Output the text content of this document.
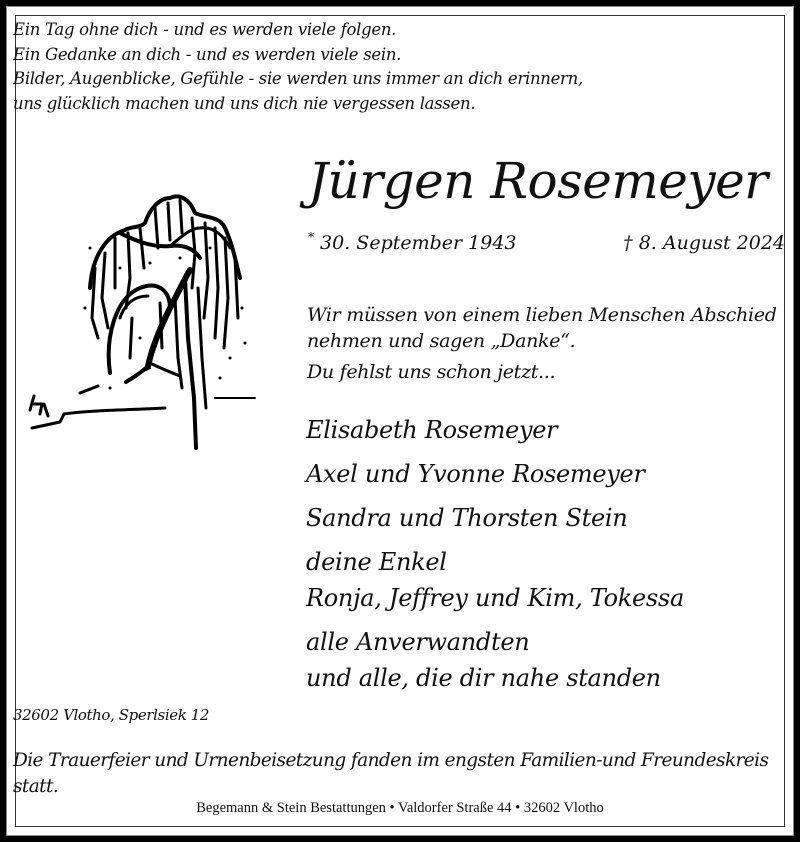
Ein Tag ohne dich - und es werden viele folgen.
Ein Gedanke an dich - und es werden viele sein.
Bilder, Augenblicke, Gefühle - sie werden uns immer an dich erinnern,
uns glücklich machen und uns dich nie vergessen lassen.
Jürgen Rosemeyer
* 30. September 1943	† 8. August 2024
Wir müssen von einem lieben Menschen Abschied
nehmen und sagen „Danke“.
Du fehlst uns schon jetzt...
Elisabeth Rosemeyer
Axel und Yvonne Rosemeyer
Sandra und Thorsten Stein
deine Enkel
Ronja, Jeffrey und Kim, Tokessa
alle Anverwandten
und alle, die dir nahe standen
32602 Vlotho, Sperlsiek 12
Die Trauerfeier und Urnenbeisetzung fanden im engsten Familien-und Freundeskreis statt.
Begemann & Stein Bestattungen • Valdorfer Straße 44 • 32602 Vlotho
